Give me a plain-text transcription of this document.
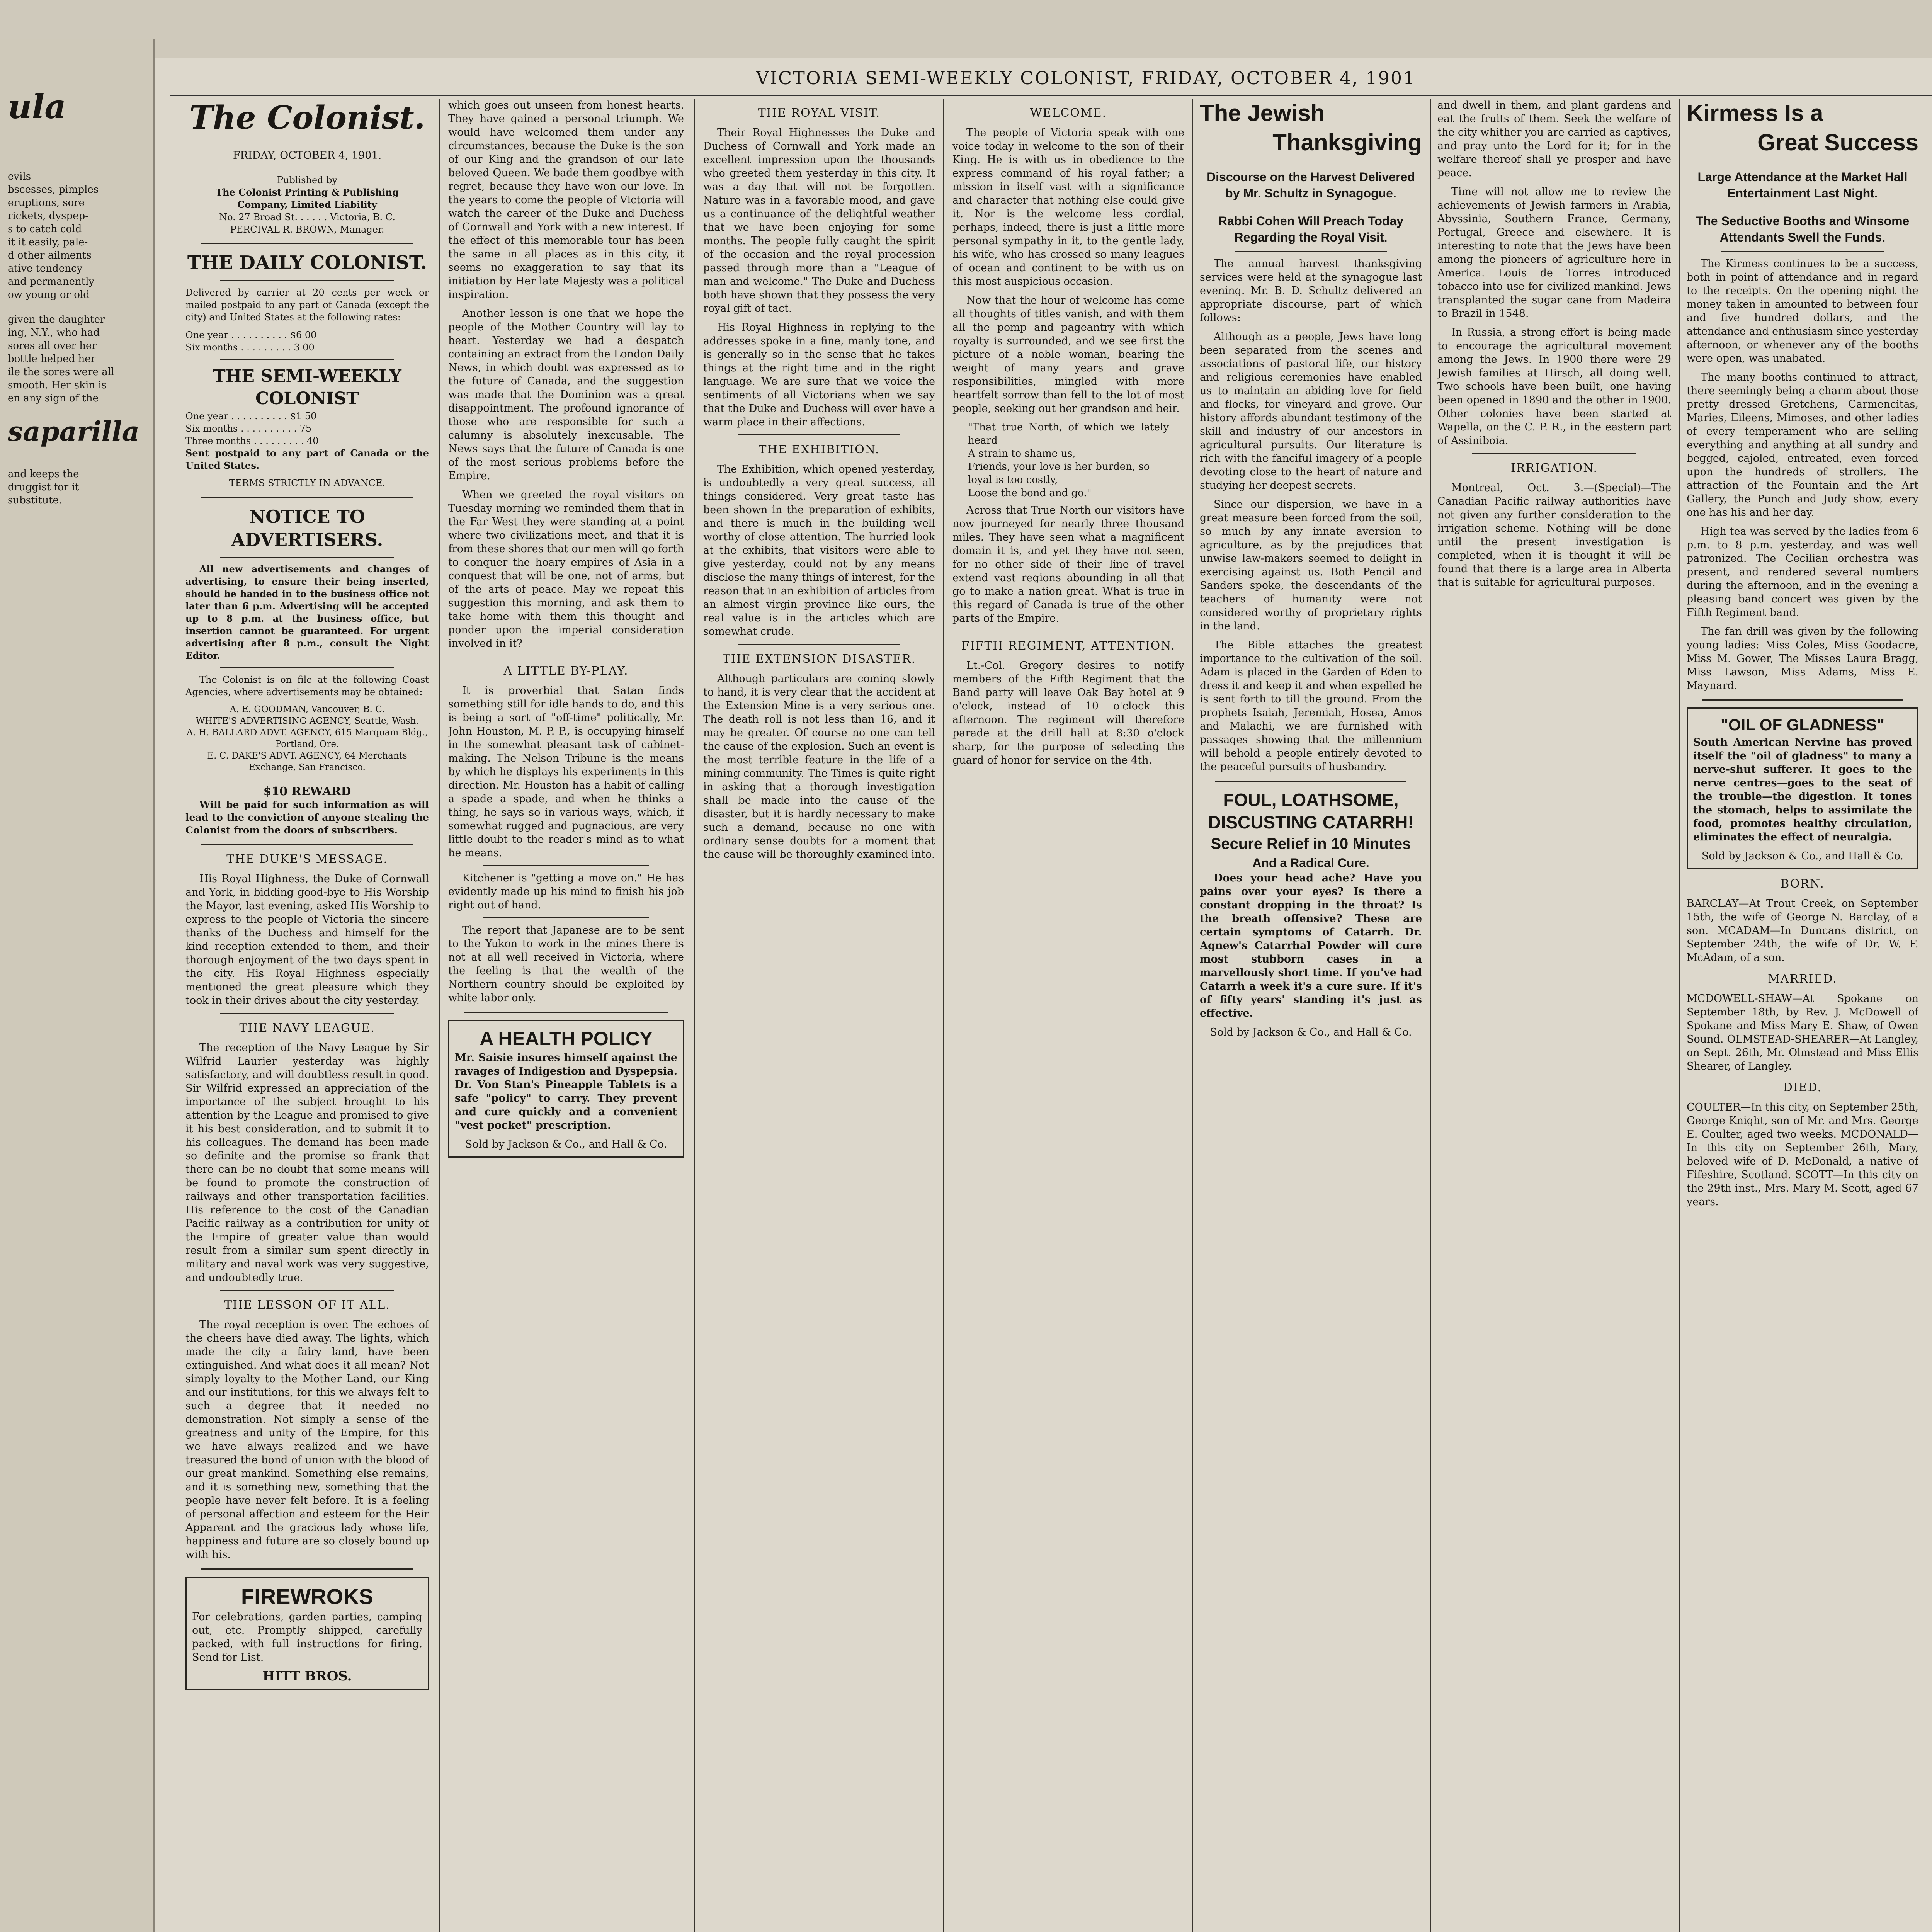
ula
saparilla
evils—
bscesses, pimples
eruptions, sore
rickets, dyspep-
s to catch cold
it it easily, pale-
d other ailments
ative tendency—
and permanently
ow young or old
given the daughter
ing, N.Y., who had
sores all over her
bottle helped her
ile the sores were all
smooth. Her skin is
en any sign of the
and keeps the
druggist for it
substitute.
VICTORIA SEMI-WEEKLY COLONIST, FRIDAY, OCTOBER 4, 1901
The Colonist.
FRIDAY, OCTOBER 4, 1901.
Published by
The Colonist Printing & Publishing
Company, Limited Liability
No. 27 Broad St. . . . . . Victoria, B. C.
PERCIVAL R. BROWN, Manager.
THE DAILY COLONIST.

Delivered by carrier at 20 cents per week or mailed postpaid to any part of Canada (except the city) and United States at the following rates:

One year . . . . . . . . . . $6 00
Six months . . . . . . . . . 3 00
THE SEMI-WEEKLY COLONIST
One year . . . . . . . . . . $1 50
Six months . . . . . . . . . . 75
Three months . . . . . . . . . 40
Sent postpaid to any part of Canada or the United States.
TERMS STRICTLY IN ADVANCE.
NOTICE TO ADVERTISERS.

All new advertisements and changes of advertising, to ensure their being inserted, should be handed in to the business office not later than 6 p.m. Advertising will be accepted up to 8 p.m. at the business office, but insertion cannot be guaranteed. For urgent advertising after 8 p.m., consult the Night Editor.

The Colonist is on file at the following Coast Agencies, where advertisements may be obtained:

A. E. GOODMAN, Vancouver, B. C.
WHITE'S ADVERTISING AGENCY, Seattle, Wash.
A. H. BALLARD ADVT. AGENCY, 615 Marquam Bldg., Portland, Ore.
E. C. DAKE'S ADVT. AGENCY, 64 Merchants Exchange, San Francisco.
$10 REWARD

Will be paid for such information as will lead to the conviction of anyone stealing the Colonist from the doors of subscribers.

THE DUKE'S MESSAGE.

His Royal Highness, the Duke of Cornwall and York, in bidding good-bye to His Worship the Mayor, last evening, asked His Worship to express to the people of Victoria the sincere thanks of the Duchess and himself for the kind reception extended to them, and their thorough enjoyment of the two days spent in the city. His Royal Highness especially mentioned the great pleasure which they took in their drives about the city yesterday.

THE NAVY LEAGUE.

The reception of the Navy League by Sir Wilfrid Laurier yesterday was highly satisfactory, and will doubtless result in good. Sir Wilfrid expressed an appreciation of the importance of the subject brought to his attention by the League and promised to give it his best consideration, and to submit it to his colleagues. The demand has been made so definite and the promise so frank that there can be no doubt that some means will be found to promote the construction of railways and other transportation facilities. His reference to the cost of the Canadian Pacific railway as a contribution for unity of the Empire of greater value than would result from a similar sum spent directly in military and naval work was very suggestive, and undoubtedly true.

THE LESSON OF IT ALL.

The royal reception is over. The echoes of the cheers have died away. The lights, which made the city a fairy land, have been extinguished. And what does it all mean? Not simply loyalty to the Mother Land, our King and our institutions, for this we always felt to such a degree that it needed no demonstration. Not simply a sense of the greatness and unity of the Empire, for this we have always realized and we have treasured the bond of union with the blood of our great mankind. Something else remains, and it is something new, something that the people have never felt before. It is a feeling of personal affection and esteem for the Heir Apparent and the gracious lady whose life, happiness and future are so closely bound up with his.

FIREWROKS

For celebrations, garden parties, camping out, etc. Promptly shipped, carefully packed, with full instructions for firing. Send for List.

HITT BROS.

which goes out unseen from honest hearts. They have gained a personal triumph. We would have welcomed them under any circumstances, because the Duke is the son of our King and the grandson of our late beloved Queen. We bade them goodbye with regret, because they have won our love. In the years to come the people of Victoria will watch the career of the Duke and Duchess of Cornwall and York with a new interest. If the effect of this memorable tour has been the same in all places as in this city, it seems no exaggeration to say that its initiation by Her late Majesty was a political inspiration.

Another lesson is one that we hope the people of the Mother Country will lay to heart. Yesterday we had a despatch containing an extract from the London Daily News, in which doubt was expressed as to the future of Canada, and the suggestion was made that the Dominion was a great disappointment. The profound ignorance of those who are responsible for such a calumny is absolutely inexcusable. The News says that the future of Canada is one of the most serious problems before the Empire.

When we greeted the royal visitors on Tuesday morning we reminded them that in the Far West they were standing at a point where two civilizations meet, and that it is from these shores that our men will go forth to conquer the hoary empires of Asia in a conquest that will be one, not of arms, but of the arts of peace. May we repeat this suggestion this morning, and ask them to take home with them this thought and ponder upon the imperial consideration involved in it?

A LITTLE BY-PLAY.

It is proverbial that Satan finds something still for idle hands to do, and this is being a sort of "off-time" politically, Mr. John Houston, M. P. P., is occupying himself in the somewhat pleasant task of cabinet-making. The Nelson Tribune is the means by which he displays his experiments in this direction. Mr. Houston has a habit of calling a spade a spade, and when he thinks a thing, he says so in various ways, which, if somewhat rugged and pugnacious, are very little doubt to the reader's mind as to what he means.

Kitchener is "getting a move on." He has evidently made up his mind to finish his job right out of hand.

The report that Japanese are to be sent to the Yukon to work in the mines there is not at all well received in Victoria, where the feeling is that the wealth of the Northern country should be exploited by white labor only.

A HEALTH POLICY

Mr. Saisie insures himself against the ravages of Indigestion and Dyspepsia. Dr. Von Stan's Pineapple Tablets is a safe "policy" to carry. They prevent and cure quickly and a convenient "vest pocket" prescription.

Sold by Jackson & Co., and Hall & Co.
THE ROYAL VISIT.

Their Royal Highnesses the Duke and Duchess of Cornwall and York made an excellent impression upon the thousands who greeted them yesterday in this city. It was a day that will not be forgotten. Nature was in a favorable mood, and gave us a continuance of the delightful weather that we have been enjoying for some months. The people fully caught the spirit of the occasion and the royal procession passed through more than a "League of man and welcome." The Duke and Duchess both have shown that they possess the very royal gift of tact.

His Royal Highness in replying to the addresses spoke in a fine, manly tone, and is generally so in the sense that he takes things at the right time and in the right language. We are sure that we voice the sentiments of all Victorians when we say that the Duke and Duchess will ever have a warm place in their affections.

THE EXHIBITION.

The Exhibition, which opened yesterday, is undoubtedly a very great success, all things considered. Very great taste has been shown in the preparation of exhibits, and there is much in the building well worthy of close attention. The hurried look at the exhibits, that visitors were able to give yesterday, could not by any means disclose the many things of interest, for the reason that in an exhibition of articles from an almost virgin province like ours, the real value is in the articles which are somewhat crude.

THE EXTENSION DISASTER.

Although particulars are coming slowly to hand, it is very clear that the accident at the Extension Mine is a very serious one. The death roll is not less than 16, and it may be greater. Of course no one can tell the cause of the explosion. Such an event is the most terrible feature in the life of a mining community. The Times is quite right in asking that a thorough investigation shall be made into the cause of the disaster, but it is hardly necessary to make such a demand, because no one with ordinary sense doubts for a moment that the cause will be thoroughly examined into.

WELCOME.

The people of Victoria speak with one voice today in welcome to the son of their King. He is with us in obedience to the express command of his royal father; a mission in itself vast with a significance and character that nothing else could give it. Nor is the welcome less cordial, perhaps, indeed, there is just a little more personal sympathy in it, to the gentle lady, his wife, who has crossed so many leagues of ocean and continent to be with us on this most auspicious occasion.

Now that the hour of welcome has come all thoughts of titles vanish, and with them all the pomp and pageantry with which royalty is surrounded, and we see first the picture of a noble woman, bearing the weight of many years and grave responsibilities, mingled with more heartfelt sorrow than fell to the lot of most people, seeking out her grandson and heir.

"That true North, of which we lately heard
A strain to shame us,
Friends, your love is her burden, so
loyal is too costly,
Loose the bond and go."

Across that True North our visitors have now journeyed for nearly three thousand miles. They have seen what a magnificent domain it is, and yet they have not seen, for no other side of their line of travel extend vast regions abounding in all that go to make a nation great. What is true in this regard of Canada is true of the other parts of the Empire.

FIFTH REGIMENT, ATTENTION.

Lt.-Col. Gregory desires to notify members of the Fifth Regiment that the Band party will leave Oak Bay hotel at 9 o'clock, instead of 10 o'clock this afternoon. The regiment will therefore parade at the drill hall at 8:30 o'clock sharp, for the purpose of selecting the guard of honor for service on the 4th.

The Jewish
Thanksgiving
Discourse on the Harvest Delivered by Mr. Schultz in Synagogue.
Rabbi Cohen Will Preach Today Regarding the Royal Visit.

The annual harvest thanksgiving services were held at the synagogue last evening. Mr. B. D. Schultz delivered an appropriate discourse, part of which follows:

Although as a people, Jews have long been separated from the scenes and associations of pastoral life, our history and religious ceremonies have enabled us to maintain an abiding love for field and flocks, for vineyard and grove. Our history affords abundant testimony of the skill and industry of our ancestors in agricultural pursuits. Our literature is rich with the fanciful imagery of a people devoting close to the heart of nature and studying her deepest secrets.

Since our dispersion, we have in a great measure been forced from the soil, so much by any innate aversion to agriculture, as by the prejudices that unwise law-makers seemed to delight in exercising against us. Both Pencil and Sanders spoke, the descendants of the teachers of humanity were not considered worthy of proprietary rights in the land.

The Bible attaches the greatest importance to the cultivation of the soil. Adam is placed in the Garden of Eden to dress it and keep it and when expelled he is sent forth to till the ground. From the prophets Isaiah, Jeremiah, Hosea, Amos and Malachi, we are furnished with passages showing that the millennium will behold a people entirely devoted to the peaceful pursuits of husbandry.

FOUL, LOATHSOME,
DISCUSTING CATARRH!
Secure Relief in 10 Minutes
And a Radical Cure.

Does your head ache? Have you pains over your eyes? Is there a constant dropping in the throat? Is the breath offensive? These are certain symptoms of Catarrh. Dr. Agnew's Catarrhal Powder will cure most stubborn cases in a marvellously short time. If you've had Catarrh a week it's a cure sure. If it's of fifty years' standing it's just as effective.

Sold by Jackson & Co., and Hall & Co.

and dwell in them, and plant gardens and eat the fruits of them. Seek the welfare of the city whither you are carried as captives, and pray unto the Lord for it; for in the welfare thereof shall ye prosper and have peace.

Time will not allow me to review the achievements of Jewish farmers in Arabia, Abyssinia, Southern France, Germany, Portugal, Greece and elsewhere. It is interesting to note that the Jews have been among the pioneers of agriculture here in America. Louis de Torres introduced tobacco into use for civilized mankind. Jews transplanted the sugar cane from Madeira to Brazil in 1548.

In Russia, a strong effort is being made to encourage the agricultural movement among the Jews. In 1900 there were 29 Jewish families at Hirsch, all doing well. Two schools have been built, one having been opened in 1890 and the other in 1900. Other colonies have been started at Wapella, on the C. P. R., in the eastern part of Assiniboia.

IRRIGATION.

Montreal, Oct. 3.—(Special)—The Canadian Pacific railway authorities have not given any further consideration to the irrigation scheme. Nothing will be done until the present investigation is completed, when it is thought it will be found that there is a large area in Alberta that is suitable for agricultural purposes.

Kirmess Is a
Great Success
Large Attendance at the Market Hall Entertainment Last Night.
The Seductive Booths and Winsome Attendants Swell the Funds.

The Kirmess continues to be a success, both in point of attendance and in regard to the receipts. On the opening night the money taken in amounted to between four and five hundred dollars, and the attendance and enthusiasm since yesterday afternoon, or whenever any of the booths were open, was unabated.

The many booths continued to attract, there seemingly being a charm about those pretty dressed Gretchens, Carmencitas, Maries, Eileens, Mimoses, and other ladies of every temperament who are selling everything and anything at all sundry and begged, cajoled, entreated, even forced upon the hundreds of strollers. The attraction of the Fountain and the Art Gallery, the Punch and Judy show, every one has his and her day.

High tea was served by the ladies from 6 p.m. to 8 p.m. yesterday, and was well patronized. The Cecilian orchestra was present, and rendered several numbers during the afternoon, and in the evening a pleasing band concert was given by the Fifth Regiment band.

The fan drill was given by the following young ladies: Miss Coles, Miss Goodacre, Miss M. Gower, The Misses Laura Bragg, Miss Lawson, Miss Adams, Miss E. Maynard.

"OIL OF GLADNESS"

South American Nervine has proved itself the "oil of gladness" to many a nerve-shut sufferer. It goes to the nerve centres—goes to the seat of the trouble—the digestion. It tones the stomach, helps to assimilate the food, promotes healthy circulation, eliminates the effect of neuralgia.

Sold by Jackson & Co., and Hall & Co.
BORN.

BARCLAY—At Trout Creek, on September 15th, the wife of George N. Barclay, of a son. MCADAM—In Duncans district, on September 24th, the wife of Dr. W. F. McAdam, of a son.

MARRIED.

MCDOWELL-SHAW—At Spokane on September 18th, by Rev. J. McDowell of Spokane and Miss Mary E. Shaw, of Owen Sound. OLMSTEAD-SHEARER—At Langley, on Sept. 26th, Mr. Olmstead and Miss Ellis Shearer, of Langley.

DIED.

COULTER—In this city, on September 25th, George Knight, son of Mr. and Mrs. George E. Coulter, aged two weeks. MCDONALD—In this city on September 26th, Mary, beloved wife of D. McDonald, a native of Fifeshire, Scotland. SCOTT—In this city on the 29th inst., Mrs. Mary M. Scott, aged 67 years.
